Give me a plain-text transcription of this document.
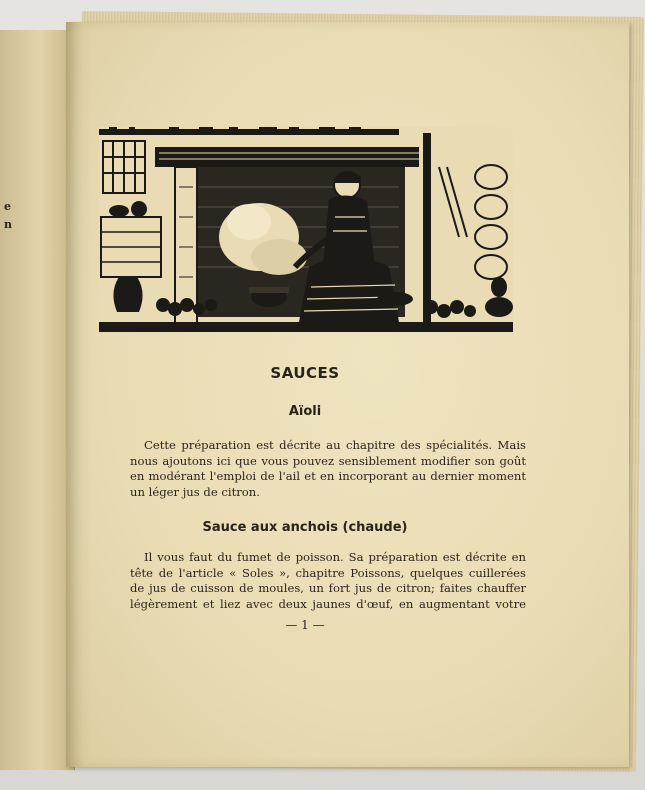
e
n
SAUCES
Aïoli
Cette préparation est décrite au chapitre des spécialités. Mais
nous ajoutons ici que vous pouvez sensiblement modifier son goût
en modérant l'emploi de l'ail et en incorporant au dernier moment
un léger jus de citron.
Sauce aux anchois (chaude)
Il vous faut du fumet de poisson. Sa préparation est décrite en
tête de l'article « Soles », chapitre Poissons, quelques cuillerées
de jus de cuisson de moules, un fort jus de citron; faites chauffer
légèrement et liez avec deux jaunes d'œuf, en augmentant votre
— 1 —
